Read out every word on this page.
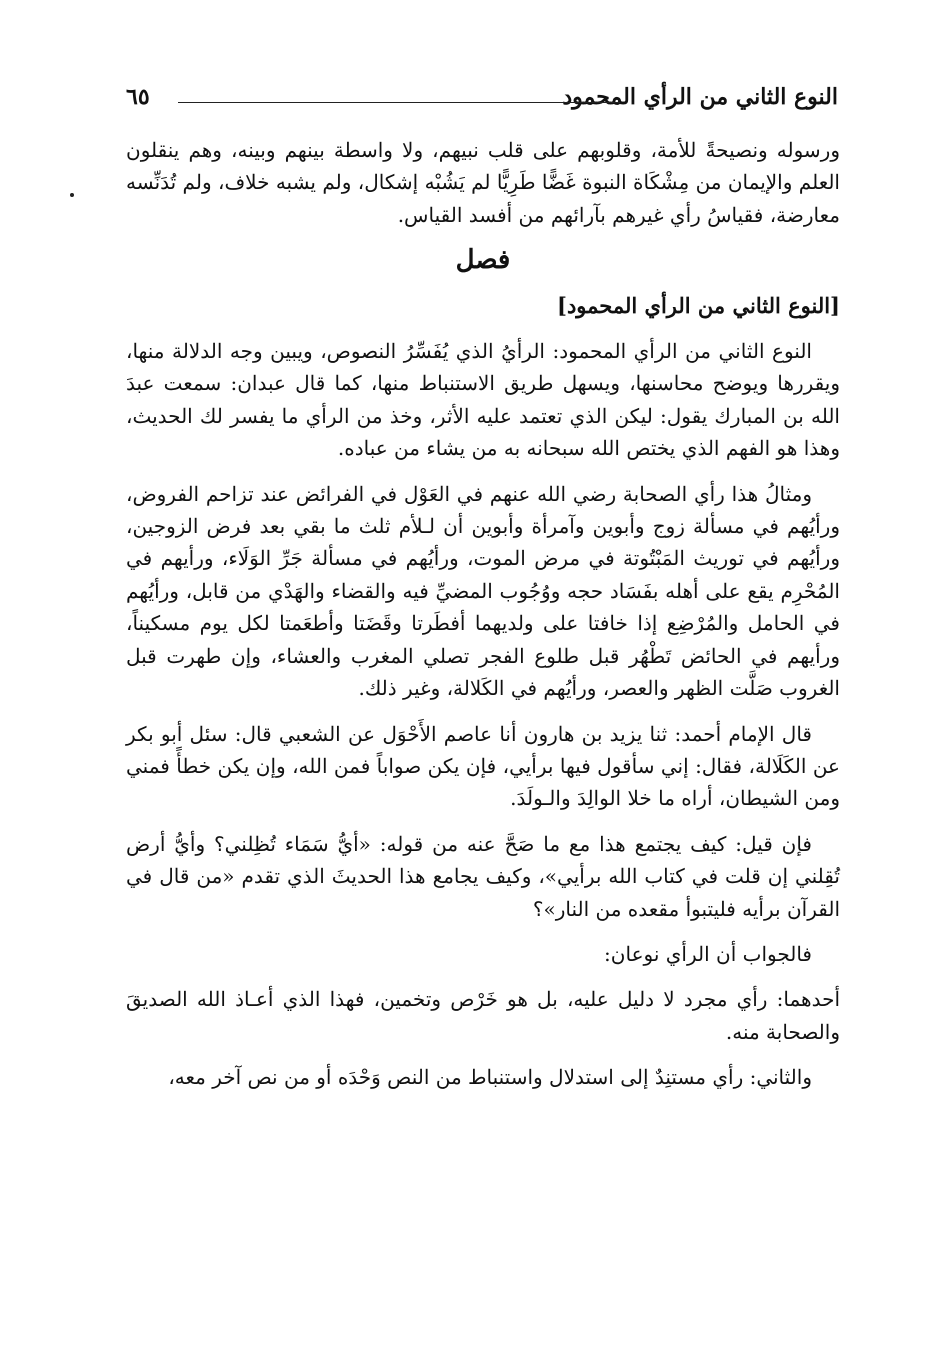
النوع الثاني من الرأي المحمود
٦٥

ورسوله ونصيحةً للأمة، وقلوبهم على قلب نبيهم، ولا واسطة بينهم وبينه، وهم ينقلون العلم والإيمان من مِشْكَاة النبوة غَضًّا طَرِيًّا لم يَشُبْه إشكال، ولم يشبه خلاف، ولم تُدَنِّسه معارضة، فقياسُ رأي غيرهم بآرائهم من أفسد القياس.

فصل

[النوع الثاني من الرأي المحمود]

النوع الثاني من الرأي المحمود: الرأيُ الذي يُفَسِّرُ النصوص، ويبين وجه الدلالة منها، ويقررها ويوضح محاسنها، ويسهل طريق الاستنباط منها، كما قال عبدان: سمعت عبدَ الله بن المبارك يقول: ليكن الذي تعتمد عليه الأثر، وخذ من الرأي ما يفسر لك الحديث، وهذا هو الفهم الذي يختص الله سبحانه به من يشاء من عباده.

ومثالُ هذا رأي الصحابة رضي الله عنهم في العَوْل في الفرائض عند تزاحم الفروض، ورأيُهم في مسألة زوج وأبوين وآمرأة وأبوين أن لـلأم ثلث ما بقي بعد فرض الزوجين، ورأيُهم في توريث المَبْتُوتة في مرض الموت، ورأيُهم في مسألة جَرِّ الوَلَاء، ورأيهم في المُحْرِم يقع على أهله بفَسَاد حجه ووُجُوب المضيِّ فيه والقضاء والهَدْي من قابل، ورأيُهم في الحامل والمُرْضِع إذا خافتا على ولديهما أفطَرتا وقَضَتا وأطعَمتا لكل يوم مسكيناً، ورأيهم في الحائض تَطْهُر قبل طلوع الفجر تصلي المغرب والعشاء، وإن طهرت قبل الغروب صَلَّت الظهر والعصر، ورأيُهم في الكَلالة، وغير ذلك.

قال الإمام أحمد: ثنا يزيد بن هارون أنا عاصم الأَحْوَل عن الشعبي قال: سئل أبو بكر عن الكَلَالة، فقال: إني سأقول فيها برأيي، فإن يكن صواباً فمن الله، وإن يكن خطأً فمني ومن الشيطان، أراه ما خلا الوالِدَ والـولَدَ.

فإن قيل: كيف يجتمع هذا مع ما صَحَّ عنه من قوله: «أيُّ سَمَاء تُظِلني؟ وأيُّ أرض تُقِلني إن قلت في كتاب الله برأيي»، وكيف يجامع هذا الحديثَ الذي تقدم «من قال في القرآن برأيه فليتبوأ مقعده من النار»؟

فالجواب أن الرأي نوعان:

أحدهما: رأي مجرد لا دليل عليه، بل هو خَرْص وتخمين، فهذا الذي أعـاذ الله الصديقَ والصحابة منه.

والثاني: رأي مستنِدٌ إلى استدلال واستنباط من النص وَحْدَه أو من نص آخر معه،
